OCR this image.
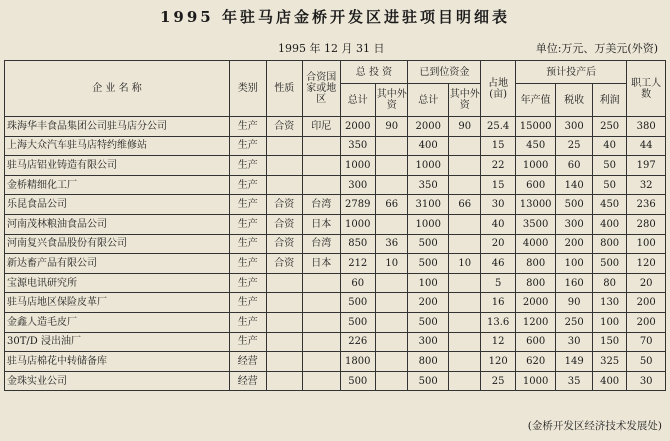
1995 年驻马店金桥开发区进驻项目明细表
1995 年 12 月 31 日	单位:万元、万美元(外资)
企 业 名 称	类别	性质	合资国家或地区	总 投 资		已到位资金		占地(亩)	预计投产后			职工人数
				总计	其中外资	总计	其中外资		年产值	税收	利润	
珠海华丰食品集团公司驻马店分公司	生产	合资	印尼	2000	90	2000	90	25.4	15000	300	250	380
上海大众汽车驻马店特约维修站	生产			350		400		15	450	25	40	44
驻马店铝业铸造有限公司	生产			1000		1000		22	1000	60	50	197
金桥精细化工厂	生产			300		350		15	600	140	50	32
乐昆食品公司	生产	合资	台湾	2789	66	3100	66	30	13000	500	450	236
河南茂林粮油食品公司	生产	合资	日本	1000		1000		40	3500	300	400	280
河南复兴食品股份有限公司	生产	合资	台湾	850	36	500		20	4000	200	800	100
新达畜产品有限公司	生产	合资	日本	212	10	500	10	46	800	100	500	120
宝源电讯研究所	生产			60		100		5	800	160	80	20
驻马店地区保险皮革厂	生产			500		200		16	2000	90	130	200
金鑫人造毛皮厂	生产			500		500		13.6	1200	250	100	200
30T/D 浸出油厂	生产			226		300		12	600	30	150	70
驻马店棉花中转储备库	经营			1800		800		120	620	149	325	50
金珠实业公司	经营			500		500		25	1000	35	400	30
(金桥开发区经济技术发展处)
